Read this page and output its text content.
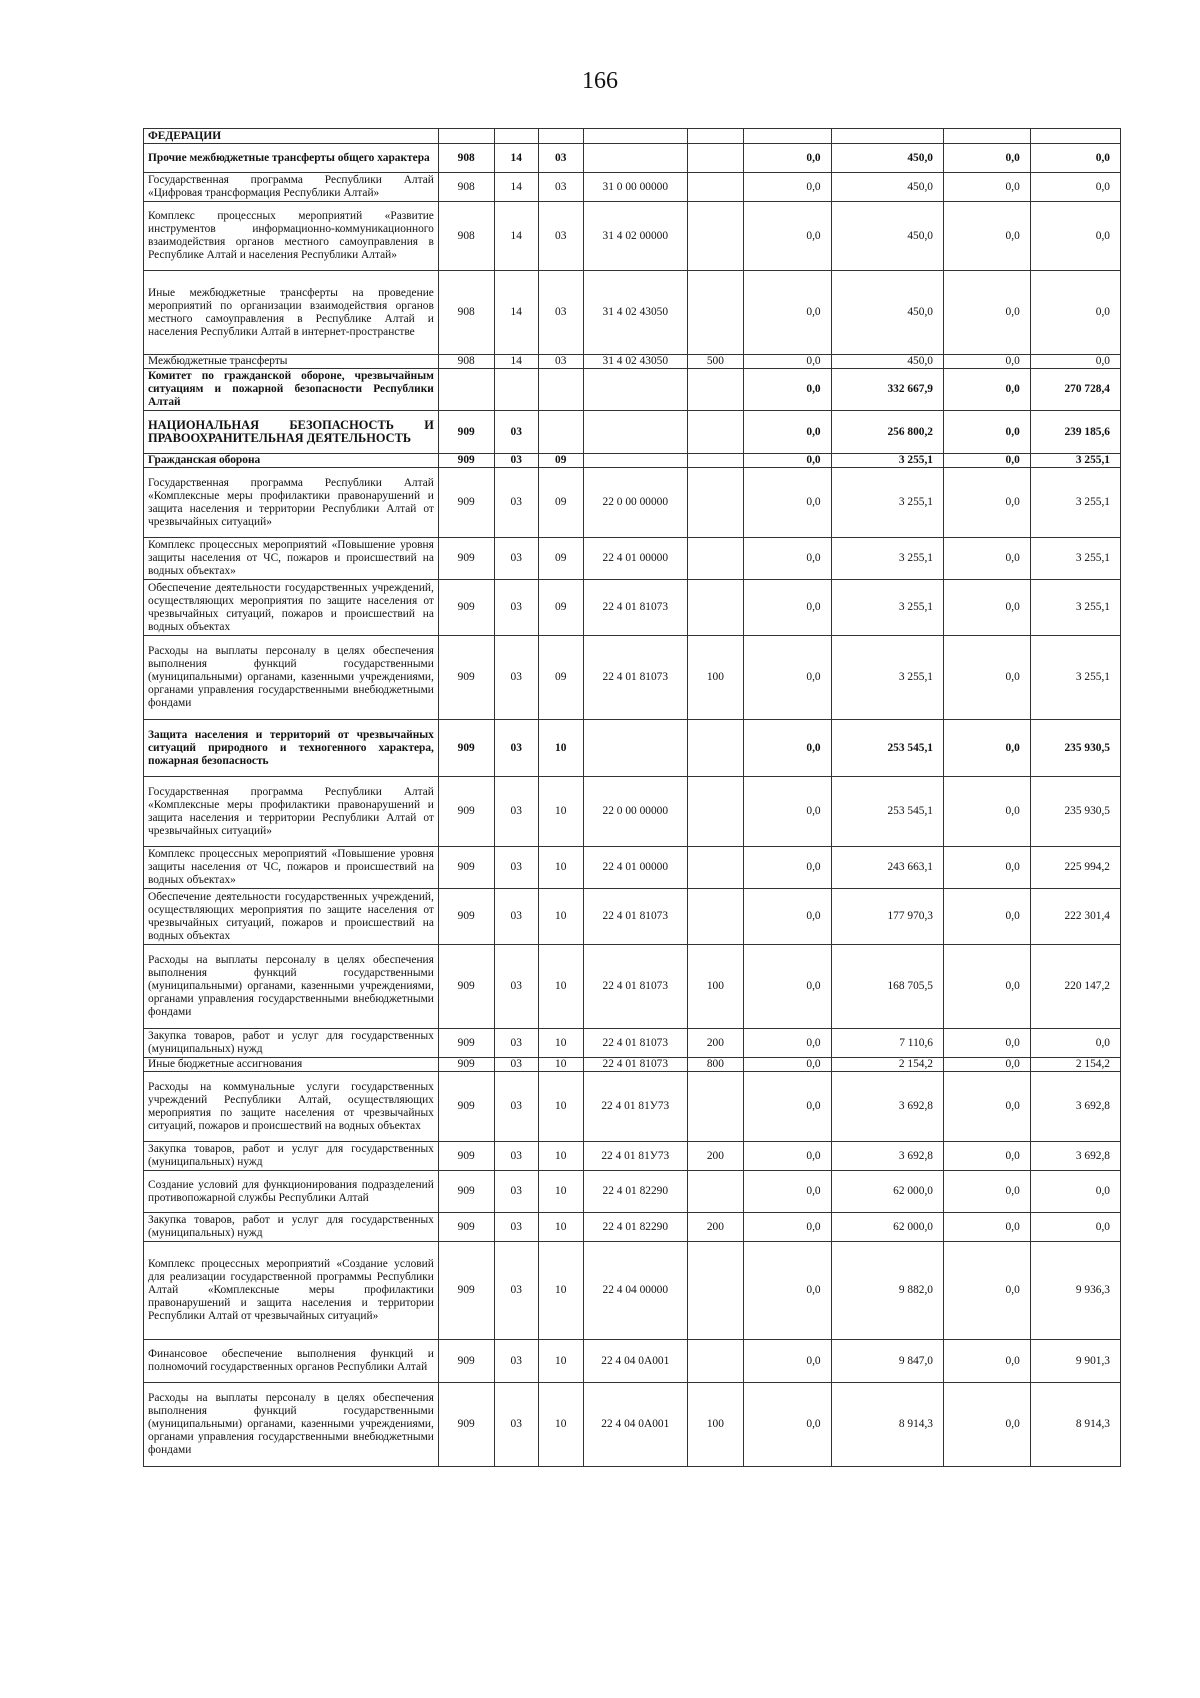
166
ФЕДЕРАЦИИ									
Прочие межбюджетные трансферты общего характера	908	14	03			0,0	450,0	0,0	0,0
Государственная программа Республики Алтай «Цифровая трансформация Республики Алтай»	908	14	03	31 0 00 00000		0,0	450,0	0,0	0,0
Комплекс процессных мероприятий «Развитие инструментов информационно-коммуникационного взаимодействия органов местного самоуправления в Республике Алтай и населения Республики Алтай»	908	14	03	31 4 02 00000		0,0	450,0	0,0	0,0
Иные межбюджетные трансферты на проведение мероприятий по организации взаимодействия органов местного самоуправления в Республике Алтай и населения Республики Алтай в интернет-пространстве	908	14	03	31 4 02 43050		0,0	450,0	0,0	0,0
Межбюджетные трансферты	908	14	03	31 4 02 43050	500	0,0	450,0	0,0	0,0
Комитет по гражданской обороне, чрезвычайным ситуациям и пожарной безопасности Республики Алтай						0,0	332 667,9	0,0	270 728,4
НАЦИОНАЛЬНАЯ БЕЗОПАСНОСТЬ И ПРАВООХРАНИТЕЛЬНАЯ ДЕЯТЕЛЬНОСТЬ	909	03				0,0	256 800,2	0,0	239 185,6
Гражданская оборона	909	03	09			0,0	3 255,1	0,0	3 255,1
Государственная программа Республики Алтай «Комплексные меры профилактики правонарушений и защита населения и территории Республики Алтай от чрезвычайных ситуаций»	909	03	09	22 0 00 00000		0,0	3 255,1	0,0	3 255,1
Комплекс процессных мероприятий «Повышение уровня защиты населения от ЧС, пожаров и происшествий на водных объектах»	909	03	09	22 4 01 00000		0,0	3 255,1	0,0	3 255,1
Обеспечение деятельности государственных учреждений, осуществляющих мероприятия по защите населения от чрезвычайных ситуаций, пожаров и происшествий на водных объектах	909	03	09	22 4 01 81073		0,0	3 255,1	0,0	3 255,1
Расходы на выплаты персоналу в целях обеспечения выполнения функций государственными (муниципальными) органами, казенными учреждениями, органами управления государственными внебюджетными фондами	909	03	09	22 4 01 81073	100	0,0	3 255,1	0,0	3 255,1
Защита населения и территорий от чрезвычайных ситуаций природного и техногенного характера, пожарная безопасность	909	03	10			0,0	253 545,1	0,0	235 930,5
Государственная программа Республики Алтай «Комплексные меры профилактики правонарушений и защита населения и территории Республики Алтай от чрезвычайных ситуаций»	909	03	10	22 0 00 00000		0,0	253 545,1	0,0	235 930,5
Комплекс процессных мероприятий «Повышение уровня защиты населения от ЧС, пожаров и происшествий на водных объектах»	909	03	10	22 4 01 00000		0,0	243 663,1	0,0	225 994,2
Обеспечение деятельности государственных учреждений, осуществляющих мероприятия по защите населения от чрезвычайных ситуаций, пожаров и происшествий на водных объектах	909	03	10	22 4 01 81073		0,0	177 970,3	0,0	222 301,4
Расходы на выплаты персоналу в целях обеспечения выполнения функций государственными (муниципальными) органами, казенными учреждениями, органами управления государственными внебюджетными фондами	909	03	10	22 4 01 81073	100	0,0	168 705,5	0,0	220 147,2
Закупка товаров, работ и услуг для государственных (муниципальных) нужд	909	03	10	22 4 01 81073	200	0,0	7 110,6	0,0	0,0
Иные бюджетные ассигнования	909	03	10	22 4 01 81073	800	0,0	2 154,2	0,0	2 154,2
Расходы на коммунальные услуги государственных учреждений Республики Алтай, осуществляющих мероприятия по защите населения от чрезвычайных ситуаций, пожаров и происшествий на водных объектах	909	03	10	22 4 01 81У73		0,0	3 692,8	0,0	3 692,8
Закупка товаров, работ и услуг для государственных (муниципальных) нужд	909	03	10	22 4 01 81У73	200	0,0	3 692,8	0,0	3 692,8
Создание условий для функционирования подразделений противопожарной службы Республики Алтай	909	03	10	22 4 01 82290		0,0	62 000,0	0,0	0,0
Закупка товаров, работ и услуг для государственных (муниципальных) нужд	909	03	10	22 4 01 82290	200	0,0	62 000,0	0,0	0,0
Комплекс процессных мероприятий «Создание условий для реализации государственной программы Республики Алтай «Комплексные меры профилактики правонарушений и защита населения и территории Республики Алтай от чрезвычайных ситуаций»	909	03	10	22 4 04 00000		0,0	9 882,0	0,0	9 936,3
Финансовое обеспечение выполнения функций и полномочий государственных органов Республики Алтай	909	03	10	22 4 04 0А001		0,0	9 847,0	0,0	9 901,3
Расходы на выплаты персоналу в целях обеспечения выполнения функций государственными (муниципальными) органами, казенными учреждениями, органами управления государственными внебюджетными фондами	909	03	10	22 4 04 0А001	100	0,0	8 914,3	0,0	8 914,3
